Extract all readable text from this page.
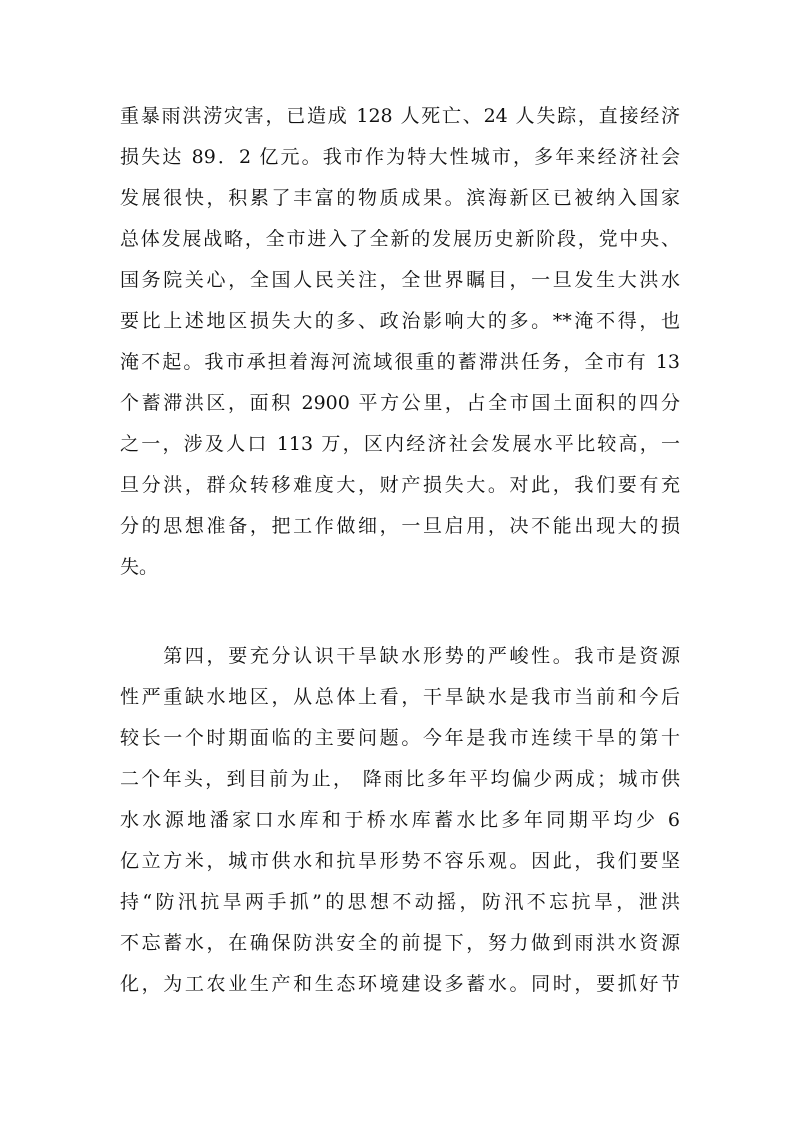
重暴雨洪涝灾害，已造成 128 人死亡、24 人失踪，直接经济
损失达 89．2 亿元。我市作为特大性城市，多年来经济社会
发展很快，积累了丰富的物质成果。滨海新区已被纳入国家
总体发展战略，全市进入了全新的发展历史新阶段，党中央、
国务院关心，全国人民关注，全世界瞩目，一旦发生大洪水
要比上述地区损失大的多、政治影响大的多。**淹不得，也
淹不起。我市承担着海河流域很重的蓄滞洪任务，全市有 13
个蓄滞洪区，面积 2900 平方公里，占全市国土面积的四分
之一，涉及人口 113 万，区内经济社会发展水平比较高，一
旦分洪，群众转移难度大，财产损失大。对此，我们要有充
分的思想准备，把工作做细，一旦启用，决不能出现大的损
失。
　　第四，要充分认识干旱缺水形势的严峻性。我市是资源
性严重缺水地区，从总体上看，干旱缺水是我市当前和今后
较长一个时期面临的主要问题。今年是我市连续干旱的第十
二个年头，到目前为止， 降雨比多年平均偏少两成；城市供
水水源地潘家口水库和于桥水库蓄水比多年同期平均少 6
亿立方米，城市供水和抗旱形势不容乐观。因此，我们要坚
持“防汛抗旱两手抓”的思想不动摇，防汛不忘抗旱，泄洪
不忘蓄水，在确保防洪安全的前提下，努力做到雨洪水资源
化，为工农业生产和生态环境建设多蓄水。同时，要抓好节
